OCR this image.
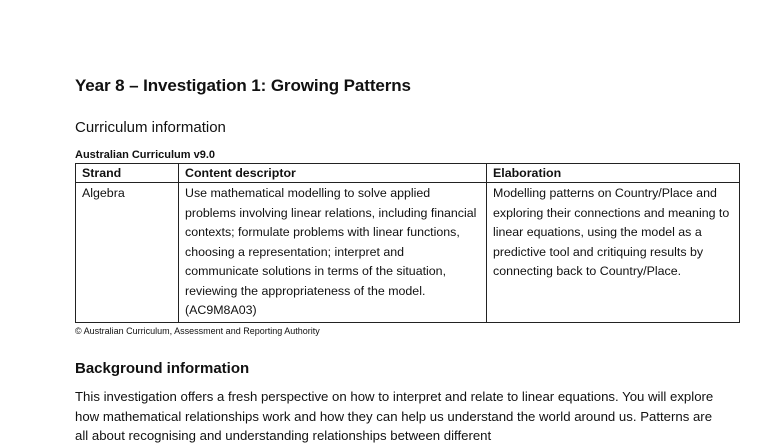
Year 8 – Investigation 1: Growing Patterns
Curriculum information
Australian Curriculum v9.0
Strand	Content descriptor	Elaboration
Algebra	Use mathematical modelling to solve applied problems involving linear relations, including financial contexts; formulate problems with linear functions, choosing a representation; interpret and communicate solutions in terms of the situation, reviewing the appropriateness of the model. (AC9M8A03)	Modelling patterns on Country/Place and exploring their connections and meaning to linear equations, using the model as a predictive tool and critiquing results by connecting back to Country/Place.
© Australian Curriculum, Assessment and Reporting Authority
Background information
This investigation offers a fresh perspective on how to interpret and relate to linear equations. You will explore how mathematical relationships work and how they can help us understand the world around us. Patterns are all about recognising and understanding relationships between different
